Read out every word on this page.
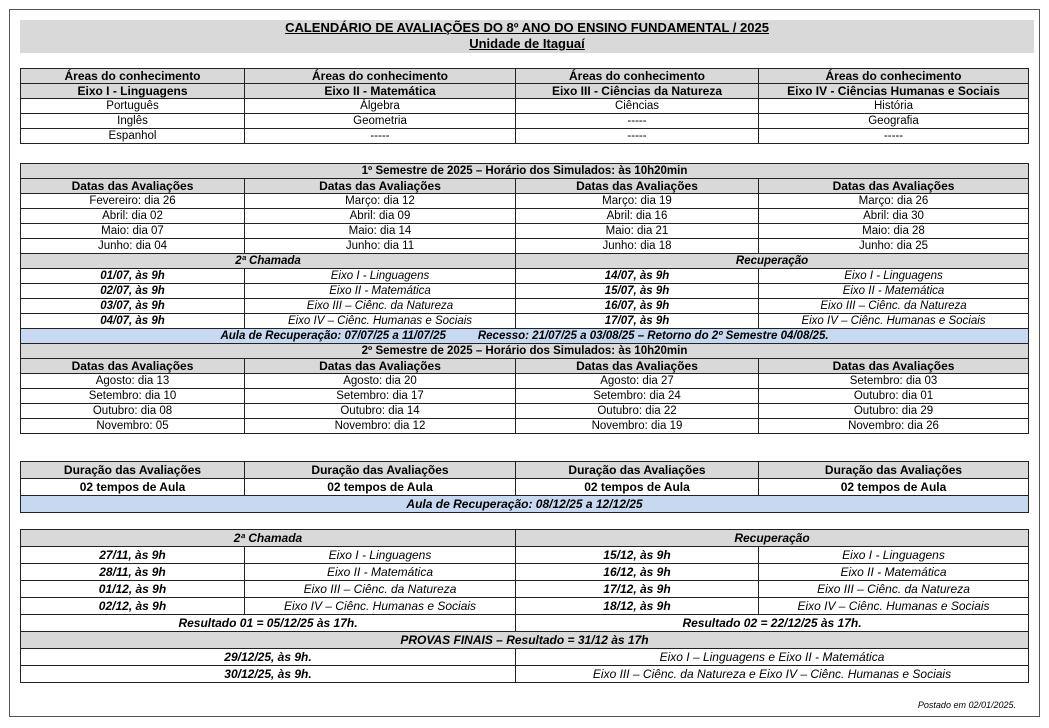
CALENDÁRIO DE AVALIAÇÕES DO 8º ANO DO ENSINO FUNDAMENTAL / 2025
Unidade de Itaguaí
Áreas do conhecimento	Áreas do conhecimento	Áreas do conhecimento	Áreas do conhecimento
Eixo I - Linguagens	Eixo II - Matemática	Eixo III - Ciências da Natureza	Eixo IV - Ciências Humanas e Sociais
Português	Álgebra	Ciências	História
Inglês	Geometria	-----	Geografia
Espanhol	-----	-----	-----
1º Semestre de 2025 – Horário dos Simulados: às 10h20min			
Datas das Avaliações	Datas das Avaliações	Datas das Avaliações	Datas das Avaliações
Fevereiro: dia 26	Março: dia 12	Março: dia 19	Março: dia 26
Abril: dia 02	Abril: dia 09	Abril: dia 16	Abril: dia 30
Maio: dia 07	Maio: dia 14	Maio: dia 21	Maio: dia 28
Junho: dia 04	Junho: dia 11	Junho: dia 18	Junho: dia 25
2ª Chamada		Recuperação	
01/07, às 9h	Eixo I - Linguagens	14/07, às 9h	Eixo I - Linguagens
02/07, às 9h	Eixo II - Matemática	15/07, às 9h	Eixo II - Matemática
03/07, às 9h	Eixo III – Ciênc. da Natureza	16/07, às 9h	Eixo III – Ciênc. da Natureza
04/07, às 9h	Eixo IV – Ciênc. Humanas e Sociais	17/07, às 9h	Eixo IV – Ciênc. Humanas e Sociais
Aula de Recuperação: 07/07/25 a 11/07/25          Recesso: 21/07/25 a 03/08/25 – Retorno do 2º Semestre 04/08/25.			
2º Semestre de 2025 – Horário dos Simulados: às 10h20min			
Datas das Avaliações	Datas das Avaliações	Datas das Avaliações	Datas das Avaliações
Agosto: dia 13	Agosto: dia 20	Agosto: dia 27	Setembro: dia 03
Setembro: dia 10	Setembro: dia 17	Setembro: dia 24	Outubro: dia 01
Outubro: dia 08	Outubro: dia 14	Outubro: dia 22	Outubro: dia 29
Novembro: 05	Novembro: dia 12	Novembro: dia 19	Novembro: dia 26
Duração das Avaliações	Duração das Avaliações	Duração das Avaliações	Duração das Avaliações
02 tempos de Aula	02 tempos de Aula	02 tempos de Aula	02 tempos de Aula
Aula de Recuperação: 08/12/25 a 12/12/25			
2ª Chamada		Recuperação	
27/11, às 9h	Eixo I - Linguagens	15/12, às 9h	Eixo I - Linguagens
28/11, às 9h	Eixo II - Matemática	16/12, às 9h	Eixo II - Matemática
01/12, às 9h	Eixo III – Ciênc. da Natureza	17/12, às 9h	Eixo III – Ciênc. da Natureza
02/12, às 9h	Eixo IV – Ciênc. Humanas e Sociais	18/12, às 9h	Eixo IV – Ciênc. Humanas e Sociais
Resultado 01 = 05/12/25 às 17h.		Resultado 02 = 22/12/25 às 17h.	
PROVAS FINAIS – Resultado = 31/12 às 17h			
29/12/25, às 9h.		Eixo I – Linguagens e Eixo II - Matemática	
30/12/25, às 9h.		Eixo III – Ciênc. da Natureza e Eixo IV – Ciênc. Humanas e Sociais	
Postado em 02/01/2025.
